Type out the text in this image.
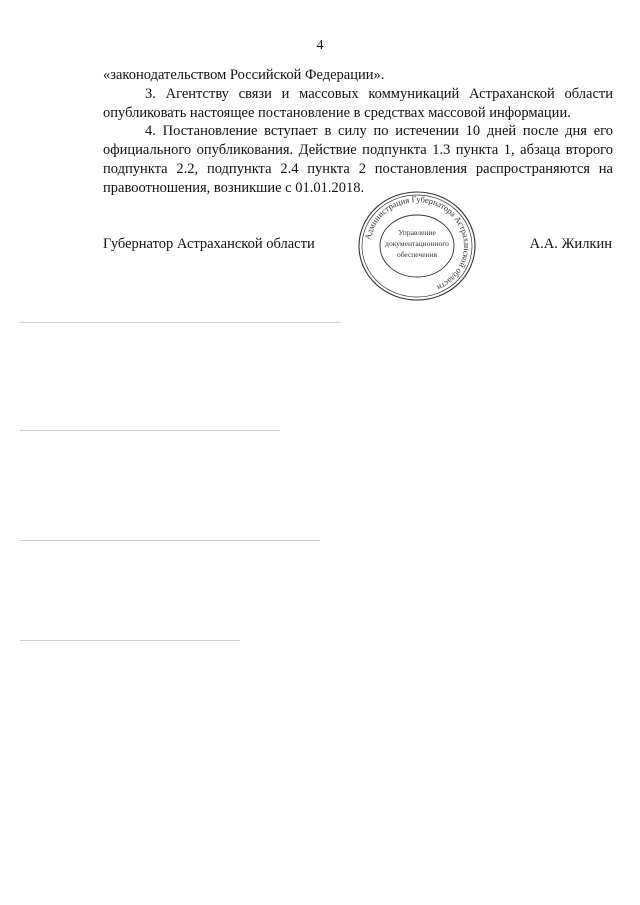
4
«законодательством Российской Федерации».
3. Агентству связи и массовых коммуникаций Астраханской области опубликовать настоящее постановление в средствах массовой информации.
4. Постановление вступает в силу по истечении 10 дней после дня его официального опубликования. Действие подпункта 1.3 пункта 1, абзаца второго подпункта 2.2, подпункта 2.4 пункта 2 постановления распространяются на правоотношения, возникшие с 01.01.2018.
Губернатор Астраханской области	А.А. Жилкин
Администрация Губернатора Астраханской области
Управление
документационного
обеспечения
